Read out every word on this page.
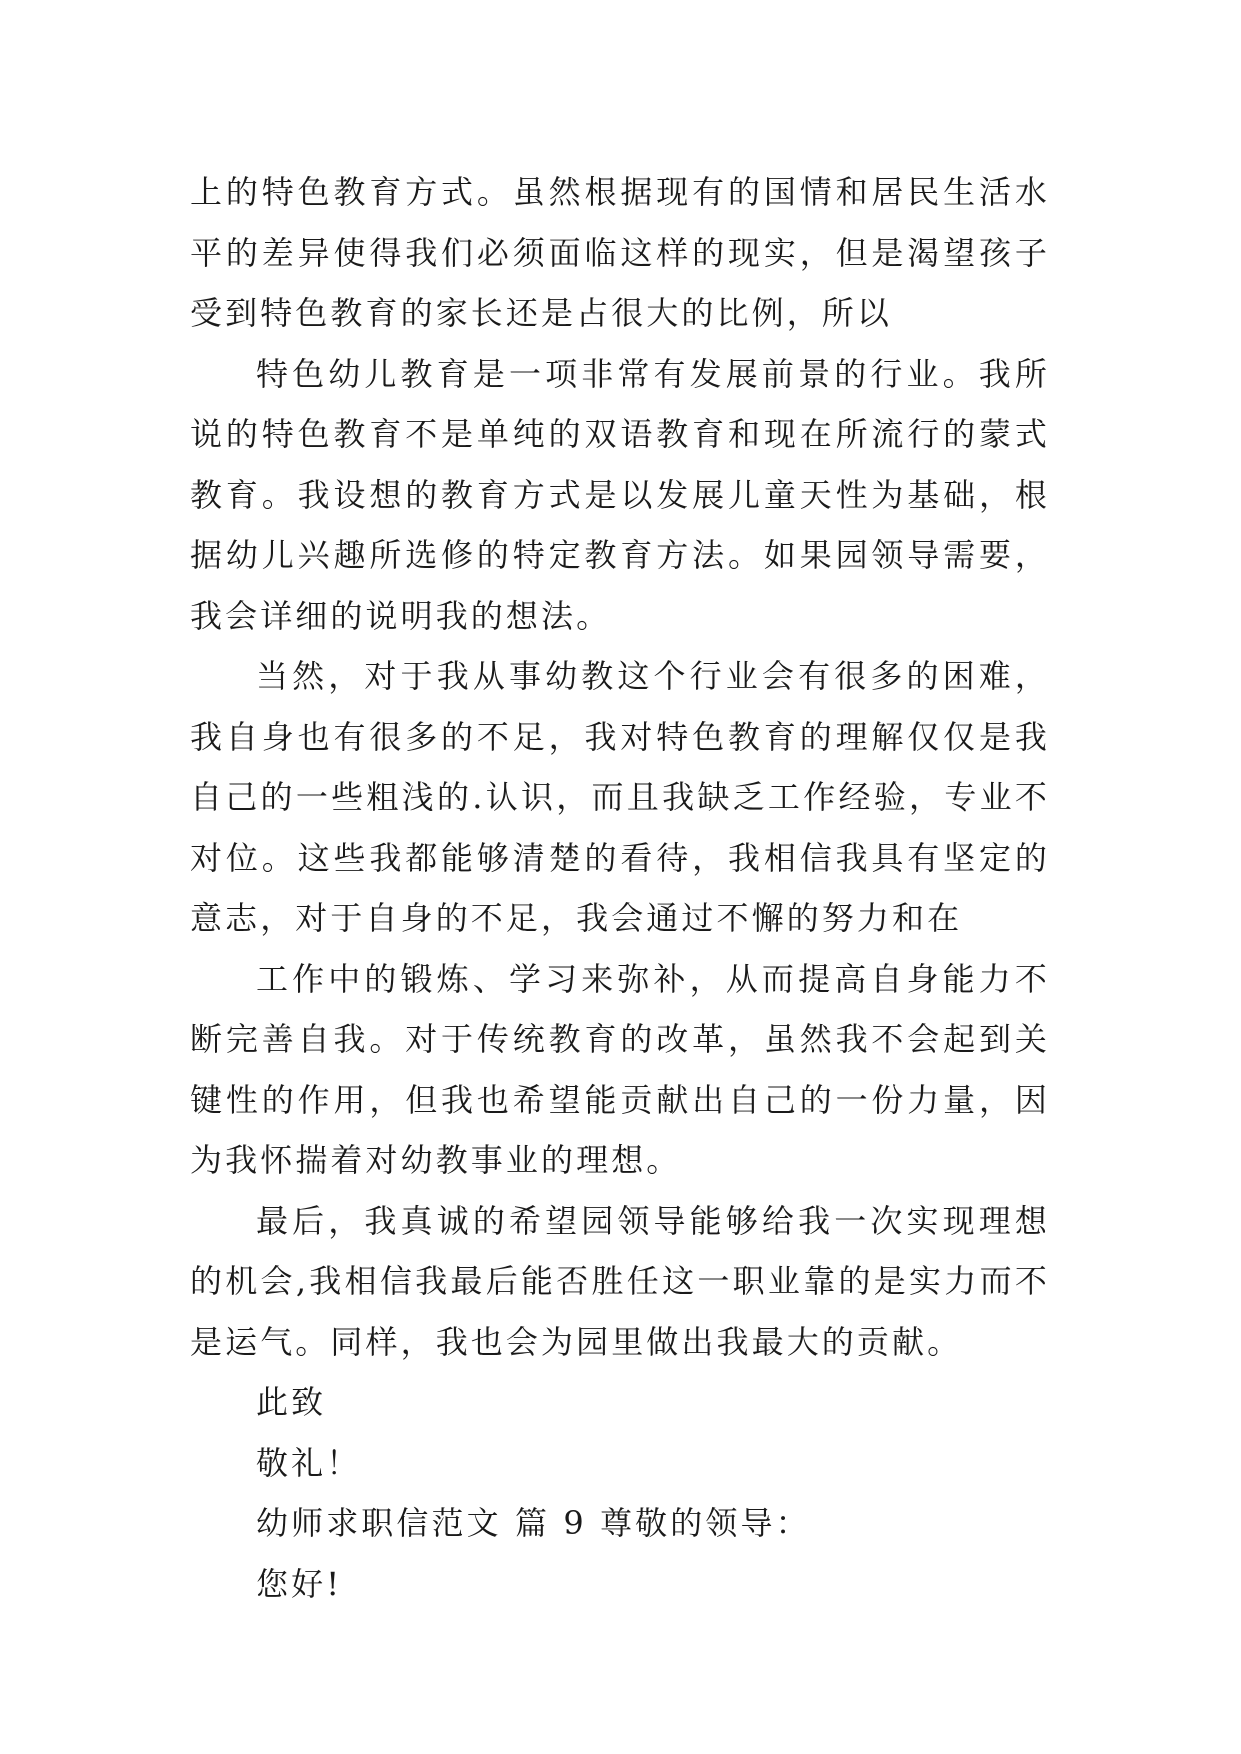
上的特色教育方式。虽然根据现有的国情和居民生活水平的差异使得我们必须面临这样的现实，但是渴望孩子受到特色教育的家长还是占很大的比例，所以

特色幼儿教育是一项非常有发展前景的行业。我所说的特色教育不是单纯的双语教育和现在所流行的蒙式教育。我设想的教育方式是以发展儿童天性为基础，根据幼儿兴趣所选修的特定教育方法。如果园领导需要，我会详细的说明我的想法。

当然，对于我从事幼教这个行业会有很多的困难，我自身也有很多的不足，我对特色教育的理解仅仅是我自己的一些粗浅的.认识，而且我缺乏工作经验，专业不对位。这些我都能够清楚的看待，我相信我具有坚定的意志，对于自身的不足，我会通过不懈的努力和在

工作中的锻炼、学习来弥补，从而提高自身能力不断完善自我。对于传统教育的改革，虽然我不会起到关键性的作用，但我也希望能贡献出自己的一份力量，因为我怀揣着对幼教事业的理想。

最后，我真诚的希望园领导能够给我一次实现理想的机会,我相信我最后能否胜任这一职业靠的是实力而不是运气。同样，我也会为园里做出我最大的贡献。

此致

敬礼！

幼师求职信范文 篇 9 尊敬的领导：

您好!
